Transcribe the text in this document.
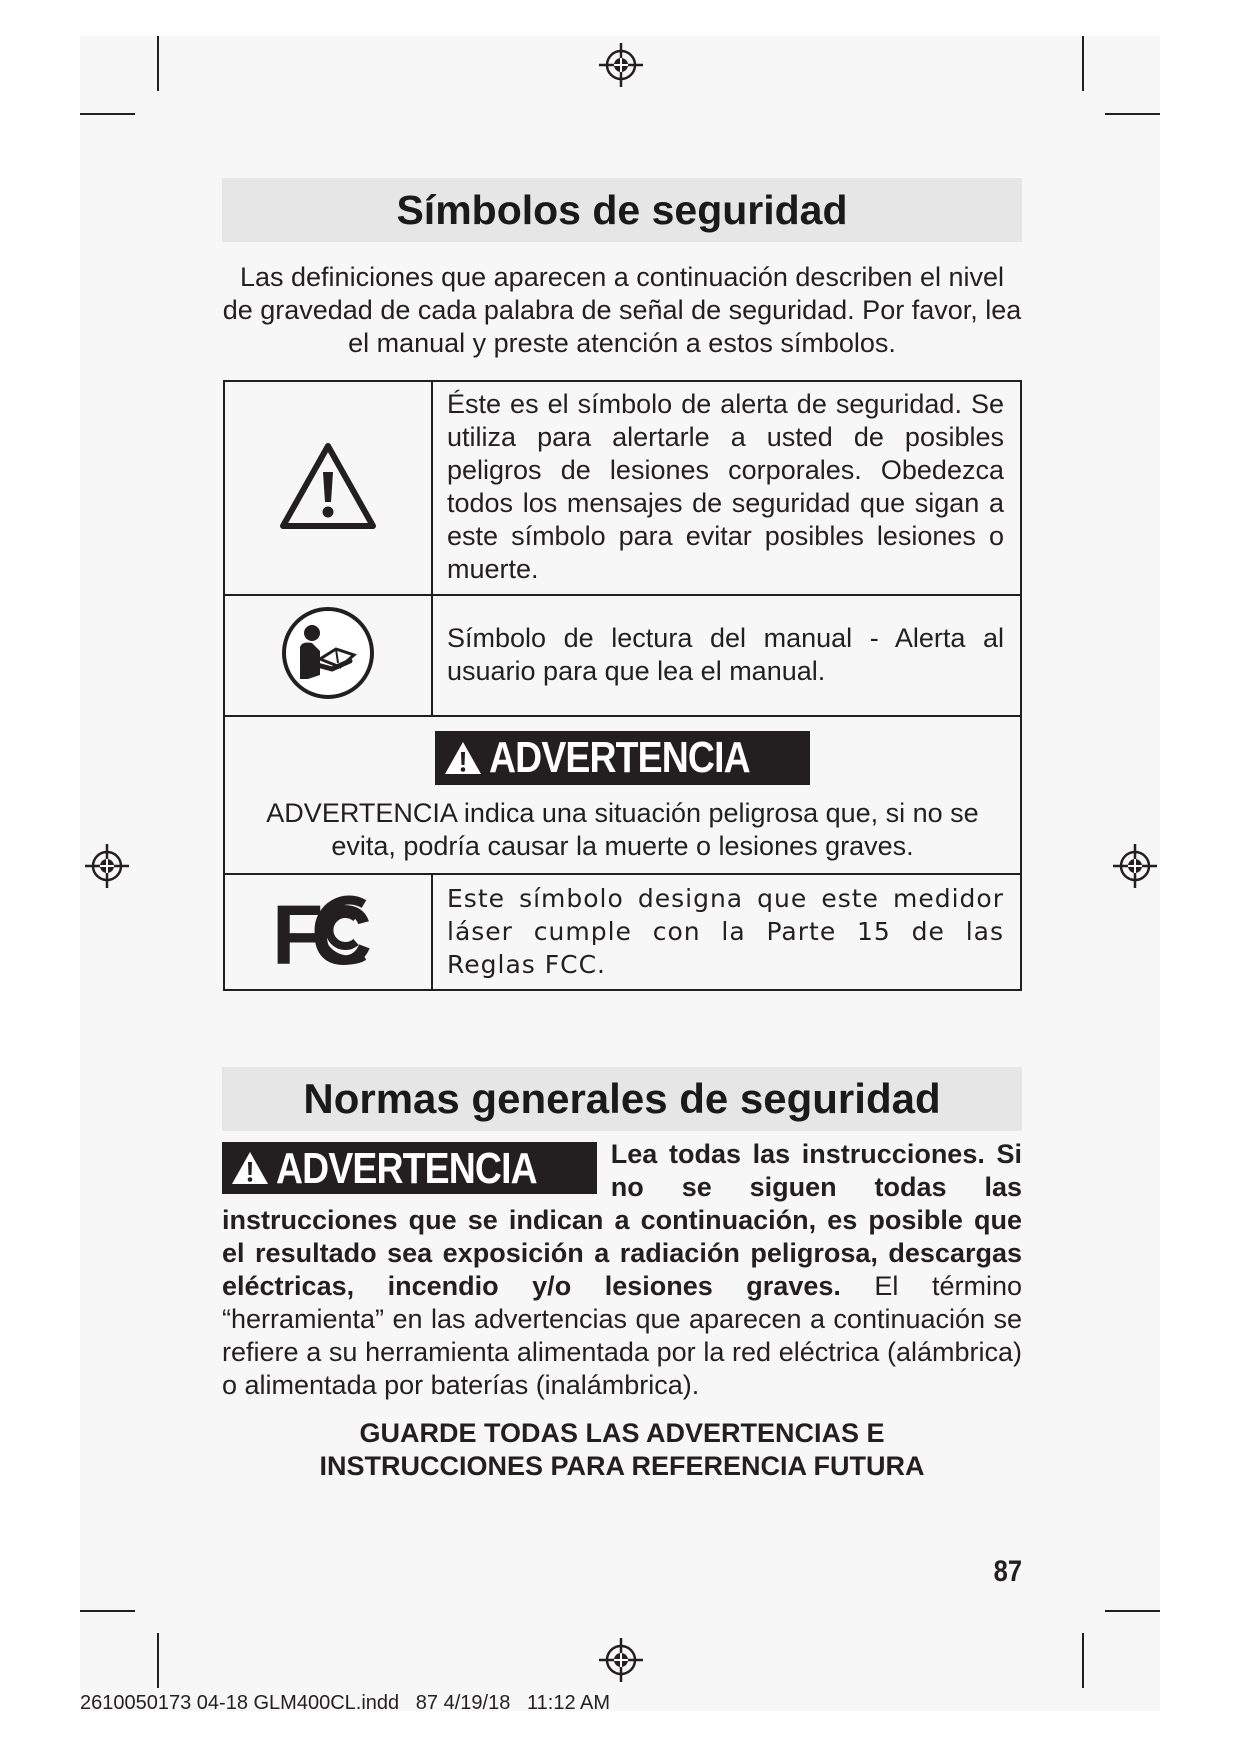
Símbolos de seguridad
Las definiciones que aparecen a continuación describen el nivel de gravedad de cada palabra de señal de seguridad. Por favor, lea el manual y preste atención a estos símbolos.
	Éste es el símbolo de alerta de seguridad. Se utiliza para alertarle a usted de posibles peligros de lesiones corporales. Obedezca todos los mensajes de seguridad que sigan a este símbolo para evitar posibles lesiones o muerte.
	Símbolo de lectura del manual - Alerta al usuario para que lea el manual.

ADVERTENCIA
ADVERTENCIA indica una situación peligrosa que, si no se evita, podría causar la muerte o lesiones graves.	

FC	Este símbolo designa que este medidor láser cumple con la Parte 15 de las Reglas FCC.
Normas generales de seguridad
ADVERTENCIA	Lea todas las instrucciones. Si no se siguen todas las instrucciones que se indican a continuación, es posible que el resultado sea exposición a radiación peligrosa, descargas eléctricas, incendio y/o lesiones graves. El término “herramienta” en las advertencias que aparecen a continuación se refiere a su herramienta alimentada por la red eléctrica (alámbrica) o alimentada por baterías (inalámbrica).
GUARDE TODAS LAS ADVERTENCIAS E
INSTRUCCIONES PARA REFERENCIA FUTURA
87
2610050173 04-18 GLM400CL.indd   87 4/19/18   11:12 AM
